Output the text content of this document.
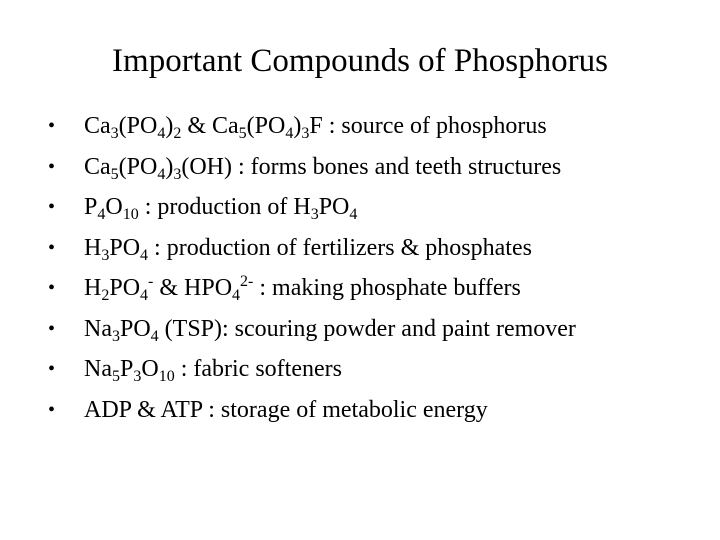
Important Compounds of Phosphorus
•	$Ca_3(PO_4)_2$ & $Ca_5(PO_4)_3F$ : source of phosphorus
•	$Ca_5(PO_4)_3(OH)$ : forms bones and teeth structures
•	$P_4O_{10}$ : production of $H_3PO_4$
•	$H_3PO_4$ : production of fertilizers & phosphates
•	$H_2PO_4^-$ & $HPO_4^{2-}$ : making phosphate buffers
•	$Na_3PO_4$ (TSP): scouring powder and paint remover
•	$Na_5P_3O_{10}$ : fabric softeners
•	ADP & ATP : storage of metabolic energy
